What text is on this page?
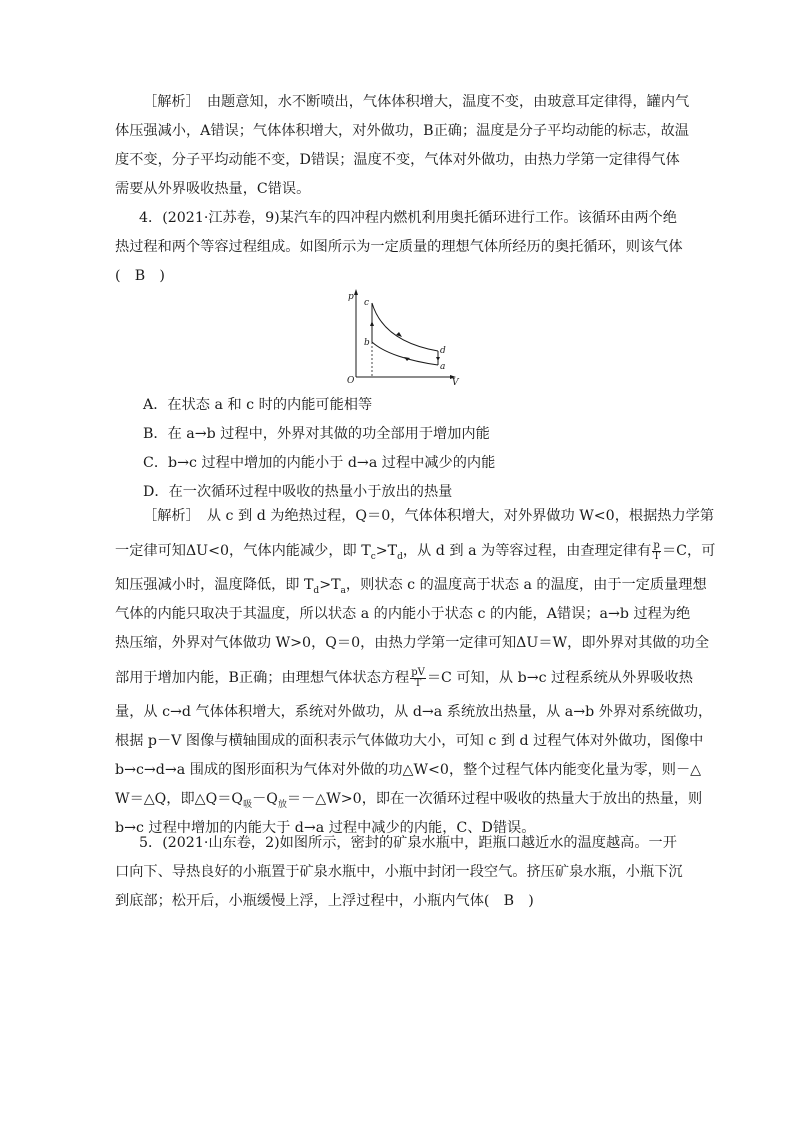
［解析］　由题意知，水不断喷出，气体体积增大，温度不变，由玻意耳定律得，罐内气
体压强减小，A错误；气体体积增大，对外做功，B正确；温度是分子平均动能的标志，故温
度不变，分子平均动能不变，D错误；温度不变，气体对外做功，由热力学第一定律得气体
需要从外界吸收热量，C错误。
4．(2021·江苏卷，9)某汽车的四冲程内燃机利用奥托循环进行工作。该循环由两个绝
热过程和两个等容过程组成。如图所示为一定质量的理想气体所经历的奥托循环，则该气体
(　B　)
p
V
O
c
b
d
a
A．在状态 a 和 c 时的内能可能相等
B．在 a→b 过程中，外界对其做的功全部用于增加内能
C．b→c 过程中增加的内能小于 d→a 过程中减少的内能
D．在一次循环过程中吸收的热量小于放出的热量
［解析］　从 c 到 d 为绝热过程，Q＝0，气体体积增大，对外界做功 W<0，根据热力学第
一定律可知ΔU<0，气体内能减少，即 $T_c>T_d$，从 d 到 a 为等容过程，由查理定律有 $\frac{p}{T} =C$，可
知压强减小时，温度降低，即 $T_d>T_a$，则状态 c 的温度高于状态 a 的温度，由于一定质量理想
气体的内能只取决于其温度，所以状态 a 的内能小于状态 c 的内能，A错误；a→b 过程为绝
热压缩，外界对气体做功 W>0，Q＝0，由热力学第一定律可知ΔU＝W，即外界对其做的功全
部用于增加内能，B正确；由理想气体状态方程 $\frac{pV}{T} =C$ 可知，从 b→c 过程系统从外界吸收热
量，从 c→d 气体体积增大，系统对外做功，从 d→a 系统放出热量，从 a→b 外界对系统做功，
根据 p－V 图像与横轴围成的面积表示气体做功大小，可知 c 到 d 过程气体对外做功，图像中
b→c→d→a 围成的图形面积为气体对外做的功△W<0，整个过程气体内能变化量为零，则－△
W＝△Q，即$\triangle Q=Q_吸-Q_放=-\triangle W>0$，即在一次循环过程中吸收的热量大于放出的热量，则
b→c 过程中增加的内能大于 d→a 过程中减少的内能，C、D错误。
5．(2021·山东卷，2)如图所示，密封的矿泉水瓶中，距瓶口越近水的温度越高。一开
口向下、导热良好的小瓶置于矿泉水瓶中，小瓶中封闭一段空气。挤压矿泉水瓶，小瓶下沉
到底部；松开后，小瓶缓慢上浮，上浮过程中，小瓶内气体(　B　)
